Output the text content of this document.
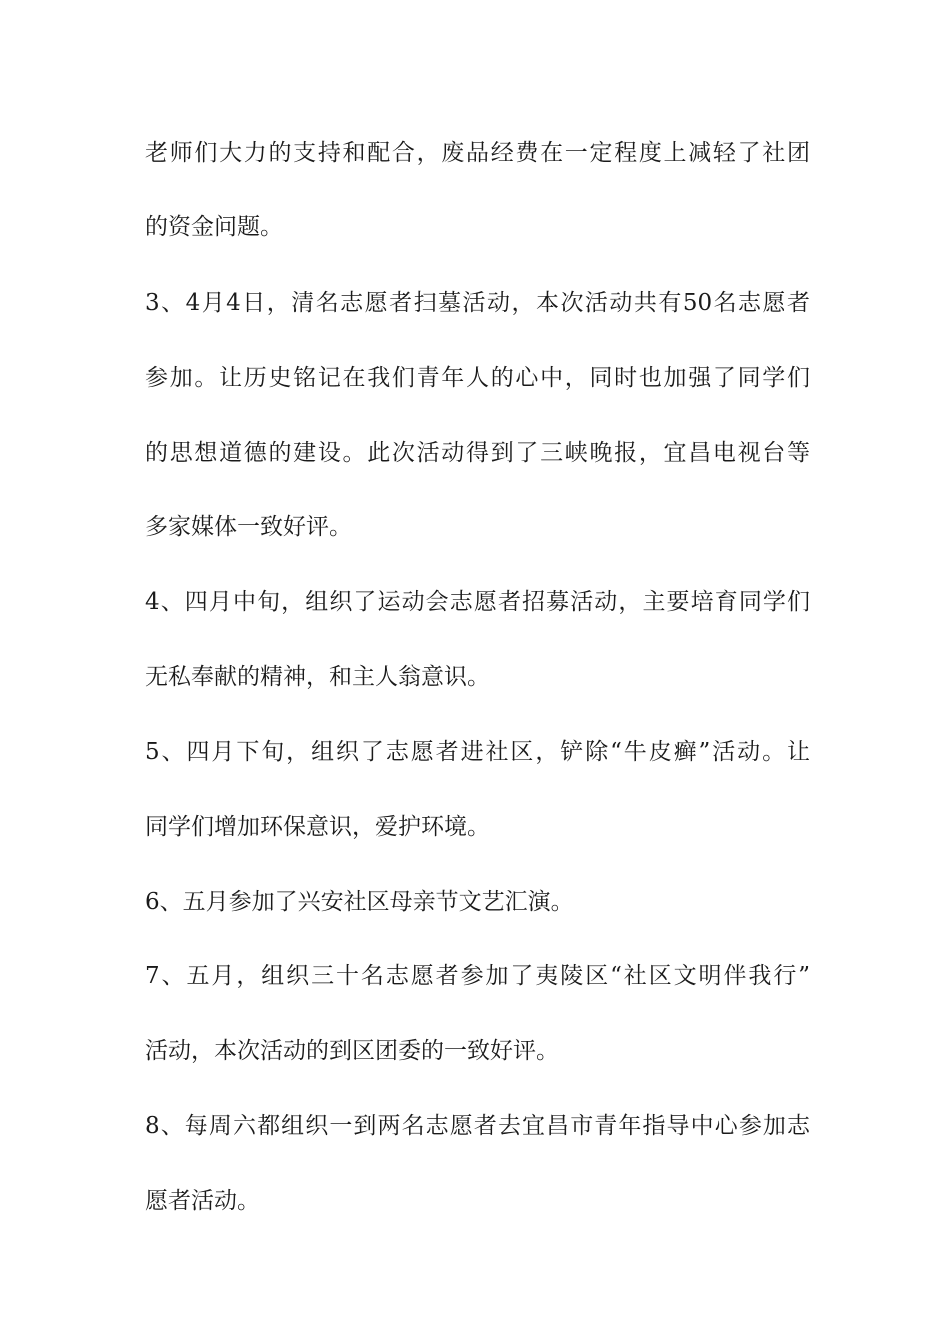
老师们大力的支持和配合，废品经费在一定程度上减轻了社团
的资金问题。
3、4月4日，清名志愿者扫墓活动，本次活动共有50名志愿者
参加。让历史铭记在我们青年人的心中，同时也加强了同学们
的思想道德的建设。此次活动得到了三峡晚报，宜昌电视台等
多家媒体一致好评。
4、四月中旬，组织了运动会志愿者招募活动，主要培育同学们
无私奉献的精神，和主人翁意识。
5、四月下旬，组织了志愿者进社区，铲除“牛皮癣”活动。让
同学们增加环保意识，爱护环境。
6、五月参加了兴安社区母亲节文艺汇演。
7、五月，组织三十名志愿者参加了夷陵区“社区文明伴我行”
活动，本次活动的到区团委的一致好评。
8、每周六都组织一到两名志愿者去宜昌市青年指导中心参加志
愿者活动。
